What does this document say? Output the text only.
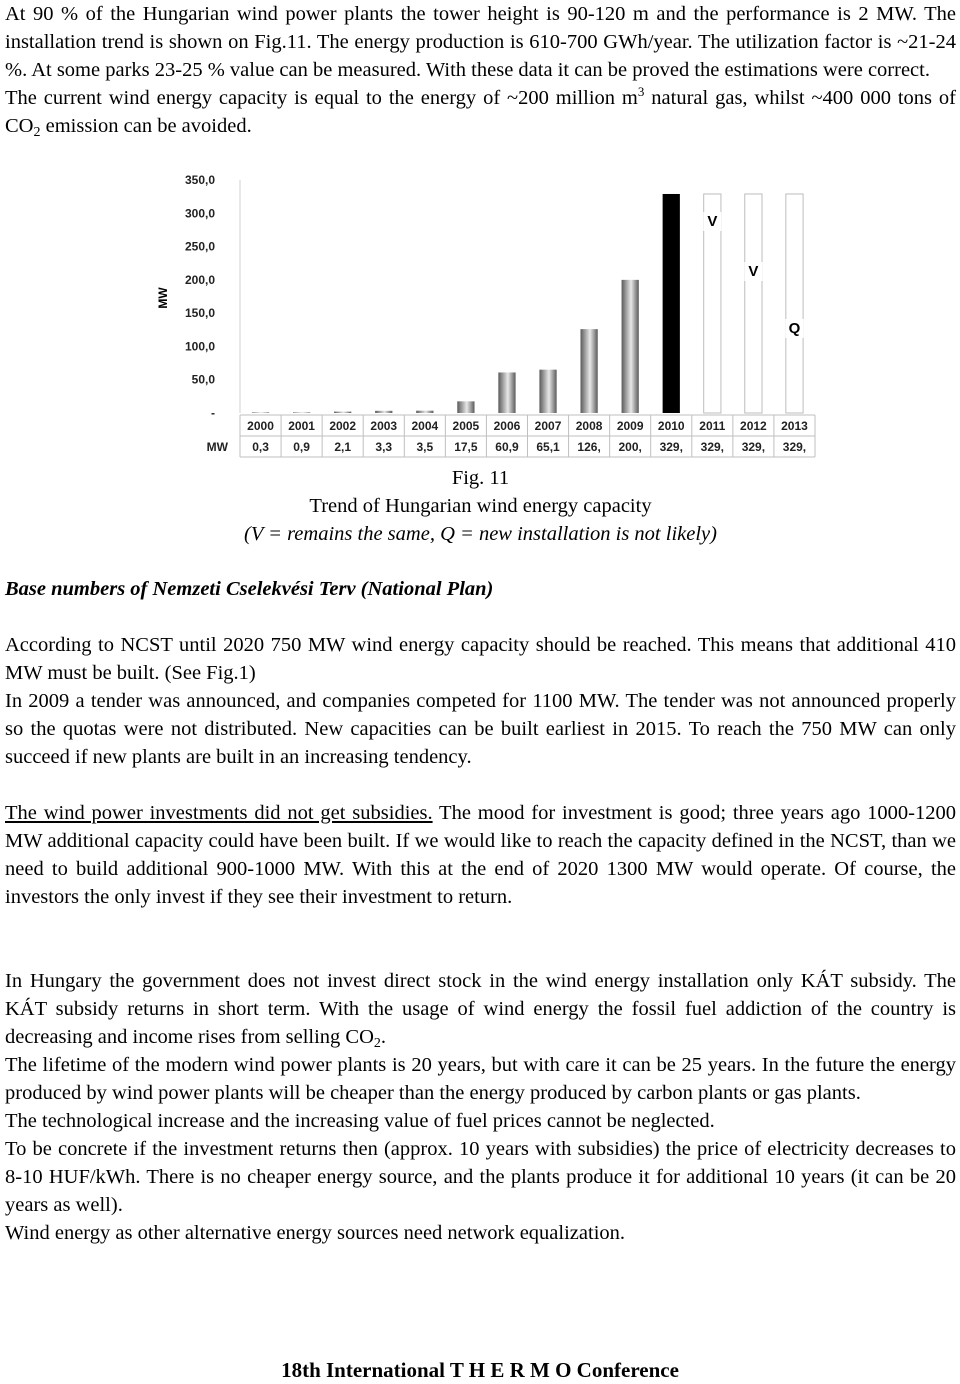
At 90 % of the Hungarian wind power plants the tower height is 90-120 m and the performance is 2 MW. The installation trend is shown on Fig.11. The energy production is 610-700 GWh/year. The utilization factor is ~21-24 %. At some parks 23-25 % value can be measured. With these data it can be proved the estimations were correct.
The current wind energy capacity is equal to the energy of ~200 million $m^3$ natural gas, whilst ~400 000 tons of $CO_2$ emission can be avoided.

350,0
300,0
250,0
200,0
150,0
100,0
50,0
-
V
V
Q
MW
2000
0,3
2001
0,9
2002
2,1
2003
3,3
2004
3,5
2005
17,5
2006
60,9
2007
65,1
2008
126,
2009
200,
2010
329,
2011
329,
2012
329,
2013
329,
MW
Fig. 11
Trend of Hungarian wind energy capacity
(V = remains the same, Q = new installation is not likely)
Base numbers of Nemzeti Cselekvési Terv (National Plan)

According to NCST until 2020 750 MW wind energy capacity should be reached. This means that additional 410 MW must be built. (See Fig.1)

In 2009 a tender was announced, and companies competed for 1100 MW. The tender was not announced properly so the quotas were not distributed. New capacities can be built earliest in 2015. To reach the 750 MW can only succeed if new plants are built in an increasing tendency.

The wind power investments did not get subsidies. The mood for investment is good; three years ago 1000-1200 MW additional capacity could have been built. If we would like to reach the capacity defined in the NCST, than we need to build additional 900-1000 MW. With this at the end of 2020 1300 MW would operate. Of course, the investors the only invest if they see their investment to return.

In Hungary the government does not invest direct stock in the wind energy installation only KÁT subsidy. The KÁT subsidy returns in short term. With the usage of wind energy the fossil fuel addiction of the country is decreasing and income rises from selling $CO_2$.
The lifetime of the modern wind power plants is 20 years, but with care it can be 25 years. In the future the energy produced by wind power plants will be cheaper than the energy produced by carbon plants or gas plants.
The technological increase and the increasing value of fuel prices cannot be neglected.
To be concrete if the investment returns then (approx. 10 years with subsidies) the price of electricity decreases to 8-10 HUF/kWh. There is no cheaper energy source, and the plants produce it for additional 10 years (it can be 20 years as well).
Wind energy as other alternative energy sources need network equalization.

18th International T H E R M O Conference
